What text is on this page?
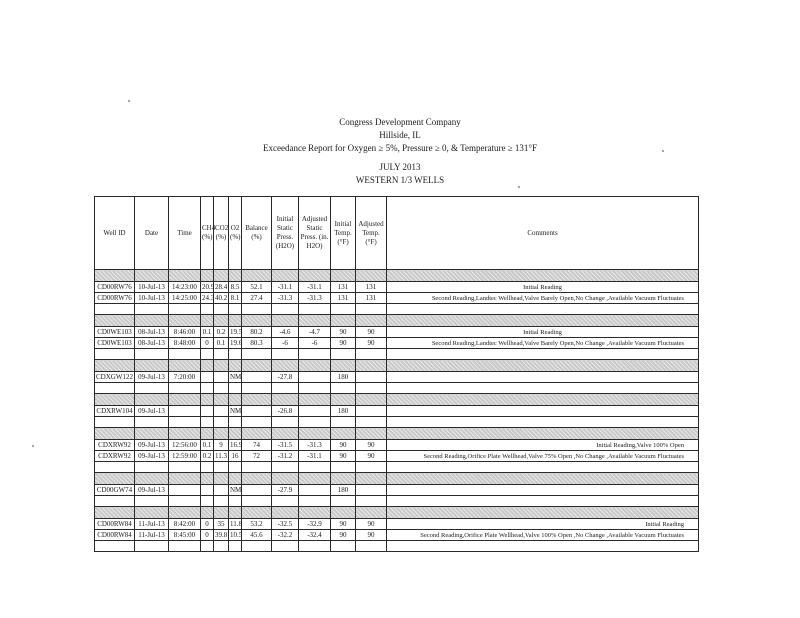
Congress Development Company
Hillside, IL
Exceedance Report for Oxygen ≥ 5%, Pressure ≥ 0, & Temperature ≥ 131°F
JULY 2013
WESTERN 1/3 WELLS
Well ID	Date	Time	CH4 (%)	CO2 (%)	O2 (%)	Balance (%)	Initial Static Press. (H2O)	Adjusted Static Press. (in. H2O)	Initial Temp. (°F)	Adjusted Temp. (°F)	Comments

CD00RW76	10-Jul-13	14:23:00	20.9	28.4	8.5	52.1	-31.1	-31.1	131	131	Initial Reading
CD00RW76	10-Jul-13	14:25:00	24.3	40.2	8.1	27.4	-31.3	-31.3	131	131	Second Reading,Landtec Wellhead,Valve Barely Open,No Change ,Available Vacuum Fluctuates

CD0WE103	08-Jul-13	8:46:00	0.1	0.2	19.5	80.2	-4.6	-4.7	90	90	Initial Reading
CD0WE103	08-Jul-13	8:48:00	0	0.1	19.6	80.3	-6	-6	90	90	Second Reading,Landtec Wellhead,Valve Barely Open,No Change ,Available Vacuum Fluctuates

CDXGW122	09-Jul-13	7:20:00			NM		-27.8		180		

CDXRW104	09-Jul-13				NM		-26.8		180		

CDXRW92	09-Jul-13	12:56:00	0.1	9	16.9	74	-31.5	-31.3	90	90	Initial Reading,Valve 100% Open
CDXRW92	09-Jul-13	12:59:00	0.2	11.3	16	72	-31.2	-31.1	90	90	Second Reading,Orifice Plate Wellhead,Valve 75% Open ,No Change ,Available Vacuum Fluctuates

CD00GW74	09-Jul-13				NM		-27.9		180		

CD00RW84	11-Jul-13	8:42:00	0	35	11.8	53.2	-32.5	-32.9	90	90	Initial Reading
CD00RW84	11-Jul-13	8:45:00	0	39.8	10.5	45.6	-32.2	-32.4	90	90	Second Reading,Orifice Plate Wellhead,Valve 100% Open ,No Change ,Available Vacuum Fluctuates
